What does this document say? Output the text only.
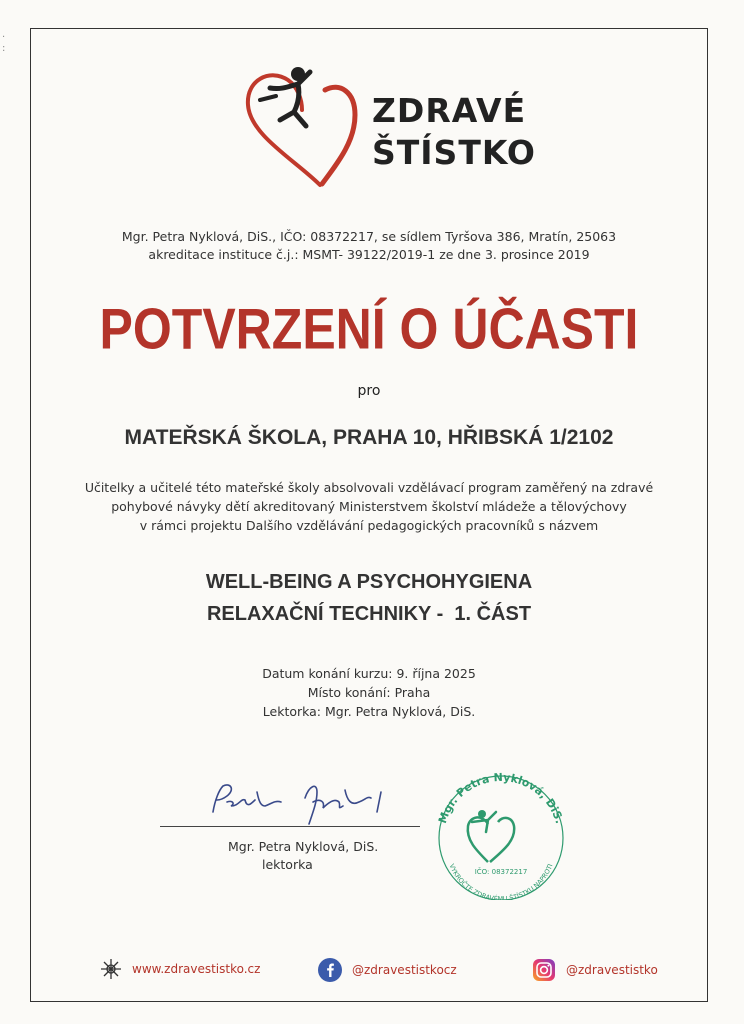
·
:
ZDRAVÉ
ŠTÍSTKO
Mgr. Petra Nyklová, DiS., IČO: 08372217, se sídlem Tyršova 386, Mratín, 25063
akreditace instituce č.j.: MSMT- 39122/2019-1 ze dne 3. prosince 2019
POTVRZENÍ O ÚČASTI
pro
MATEŘSKÁ ŠKOLA, PRAHA 10, HŘIBSKÁ 1/2102
Učitelky a učitelé této mateřské školy absolvovali vzdělávací program zaměřený na zdravé
pohybové návyky dětí akreditovaný Ministerstvem školství mládeže a tělovýchovy
v rámci projektu Dalšího vzdělávání pedagogických pracovníků s názvem
WELL-BEING A PSYCHOHYGIENA
RELAXAČNÍ TECHNIKY -  1. ČÁST
Datum konání kurzu: 9. října 2025
Místo konání: Praha
Lektorka: Mgr. Petra Nyklová, DiS.
Mgr. Petra Nyklová, DiS.
lektorka
Mgr. Petra Nyklová, DiS.
VYKROČTE ZDRAVÉMU ŠTÍSTKU NAPROTI
IČO: 08372217
www.zdravestistko.cz	@zdravestistkocz	@zdravestistko
